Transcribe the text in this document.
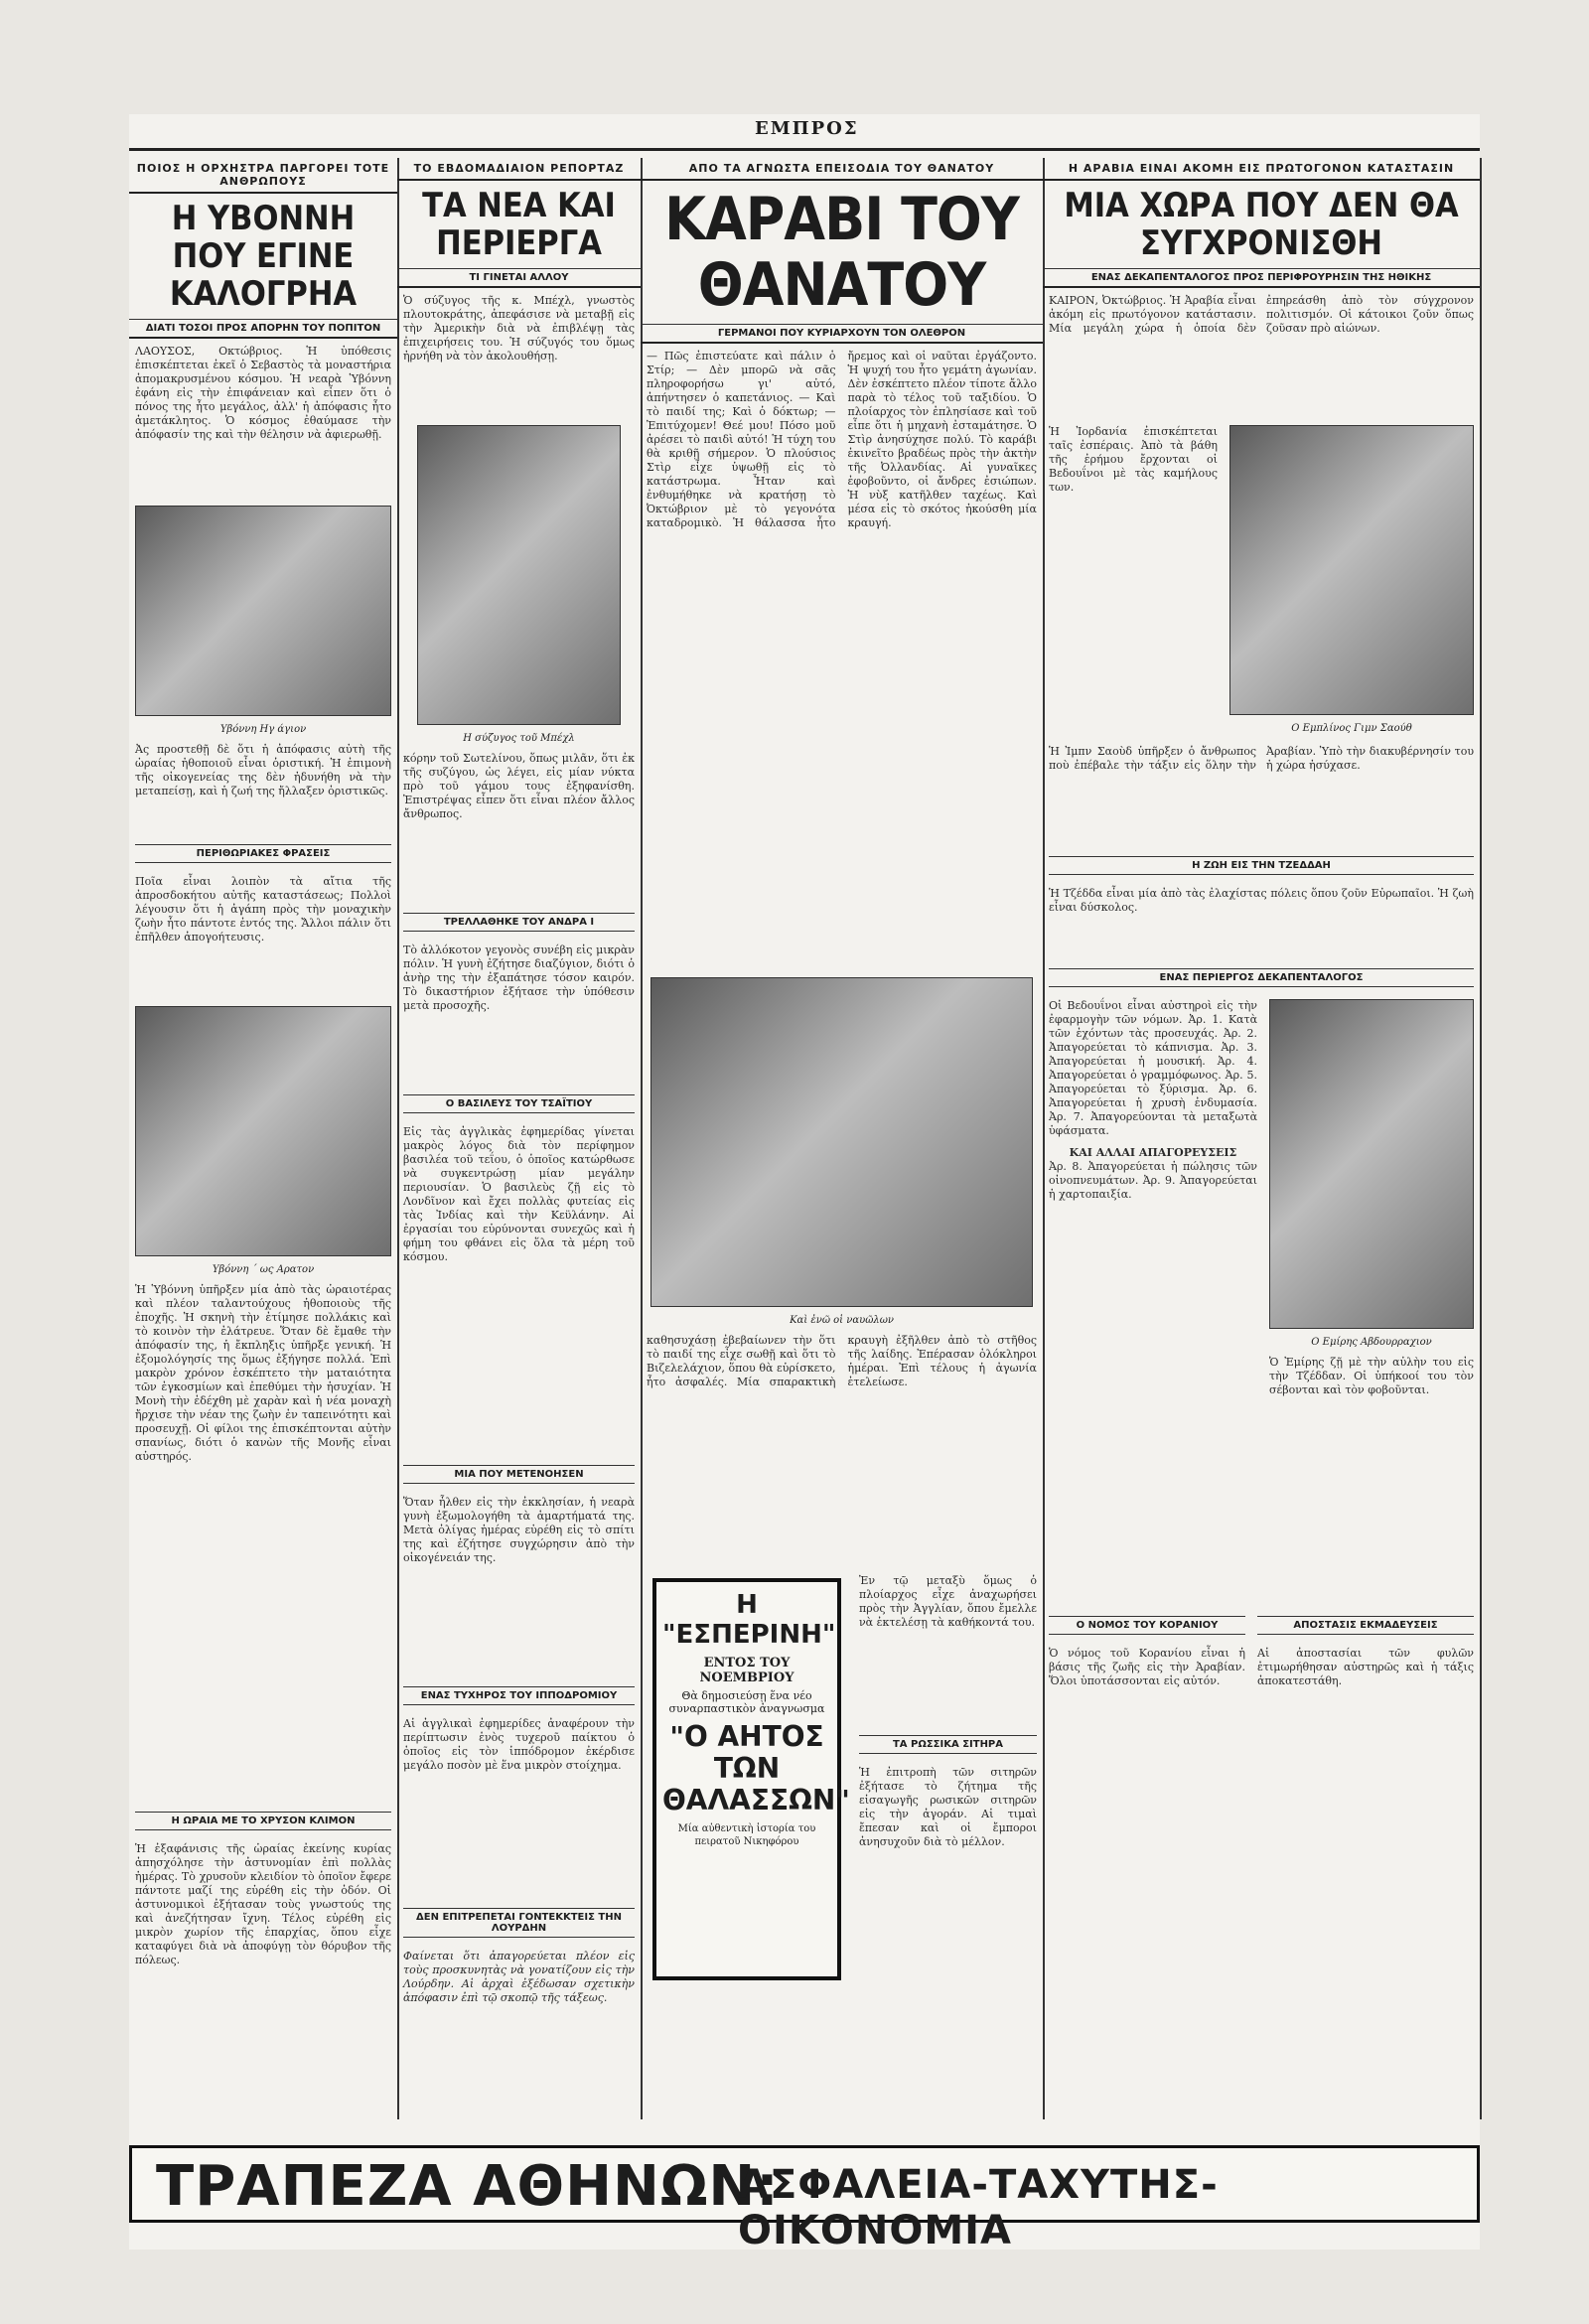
ΕΜΠΡΟΣ
ΠΟΙΟΣ Η ΟΡΧΗΣΤΡΑ ΠΑΡΓΟΡΕΙ ΤΟΤΕ ΑΝΘΡΩΠΟΥΣ
Η ΥΒΟΝΝΗ ΠΟΥ ΕΓΙΝΕ ΚΑΛΟΓΡΗΑ
ΔΙΑΤΙ ΤΟΣΟΙ ΠΡΟΣ ΑΠΟΡΗΝ ΤΟΥ ΠΟΠΙΤΟΝ
ΛΑΟΥΣΟΣ, Οκτώβριος. Ἡ ὑπόθεσις ἐπισκέπτεται ἐκεῖ ὁ Σεβαστὸς τὰ μοναστήρια ἀπομακρυσμένου κόσμου. Ἡ νεαρὰ Ὑβόννη ἐφάνη εἰς τὴν ἐπιφάνειαν καὶ εἶπεν ὅτι ὁ πόνος της ἦτο μεγάλος, ἀλλ' ἡ ἀπόφασις ἦτο ἀμετάκλητος. Ὁ κόσμος ἐθαύμασε τὴν ἀπόφασίν της καὶ τὴν θέλησιν νὰ ἀφιερωθῇ.
Υβόννη Ηγ άγιον
Ἀς προστεθῇ δὲ ὅτι ἡ ἀπόφασις αὐτὴ τῆς ὡραίας ἠθοποιοῦ εἶναι ὁριστική. Ἡ ἐπιμονὴ τῆς οἰκογενείας της δὲν ἠδυνήθη νὰ τὴν μεταπείσῃ, καὶ ἡ ζωή της ἤλλαξεν ὁριστικῶς.
ΠΕΡΙΘΩΡΙΑΚΕΣ ΦΡΑΣΕΙΣ
Ποῖα εἶναι λοιπὸν τὰ αἴτια τῆς ἀπροσδοκήτου αὐτῆς καταστάσεως; Πολλοὶ λέγουσιν ὅτι ἡ ἀγάπη πρὸς τὴν μοναχικὴν ζωὴν ἦτο πάντοτε ἐντός της. Ἄλλοι πάλιν ὅτι ἐπῆλθεν ἀπογοήτευσις.
Υβόννη ΄ ως Αρατον
Ἡ Ὑβόννη ὑπῆρξεν μία ἀπὸ τὰς ὡραιοτέρας καὶ πλέον ταλαντούχους ἠθοποιοὺς τῆς ἐποχῆς. Ἡ σκηνὴ τὴν ἐτίμησε πολλάκις καὶ τὸ κοινὸν τὴν ἐλάτρευε. Ὅταν δὲ ἔμαθε τὴν ἀπόφασίν της, ἡ ἔκπληξις ὑπῆρξε γενική. Ἡ ἐξομολόγησίς της ὅμως ἐξήγησε πολλά. Ἐπὶ μακρὸν χρόνον ἐσκέπτετο τὴν ματαιότητα τῶν ἐγκοσμίων καὶ ἐπεθύμει τὴν ἡσυχίαν. Ἡ Μονὴ τὴν ἐδέχθη μὲ χαρὰν καὶ ἡ νέα μοναχὴ ἤρχισε τὴν νέαν της ζωὴν ἐν ταπεινότητι καὶ προσευχῇ. Οἱ φίλοι της ἐπισκέπτονται αὐτὴν σπανίως, διότι ὁ κανὼν τῆς Μονῆς εἶναι αὐστηρός.
Η ΩΡΑΙΑ ΜΕ ΤΟ ΧΡΥΣΟΝ ΚΛΙΜΟΝ
Ἡ ἐξαφάνισις τῆς ὡραίας ἐκείνης κυρίας ἀπησχόλησε τὴν ἀστυνομίαν ἐπὶ πολλὰς ἡμέρας. Τὸ χρυσοῦν κλειδίον τὸ ὁποῖον ἔφερε πάντοτε μαζί της εὑρέθη εἰς τὴν ὁδόν. Οἱ ἀστυνομικοὶ ἐξήτασαν τοὺς γνωστούς της καὶ ἀνεζήτησαν ἴχνη. Τέλος εὑρέθη εἰς μικρὸν χωρίον τῆς ἐπαρχίας, ὅπου εἶχε καταφύγει διὰ νὰ ἀποφύγῃ τὸν θόρυβον τῆς πόλεως.
ΤΟ ΕΒΔΟΜΑΔΙΑΙΟΝ ΡΕΠΟΡΤΑΖ
ΤΑ ΝΕΑ ΚΑΙ ΠΕΡΙΕΡΓΑ
ΤΙ ΓΙΝΕΤΑΙ ΑΛΛΟΥ
Ὁ σύζυγος τῆς κ. Μπέχλ, γνωστὸς πλουτοκράτης, ἀπεφάσισε νὰ μεταβῇ εἰς τὴν Ἀμερικὴν διὰ νὰ ἐπιβλέψῃ τὰς ἐπιχειρήσεις του. Ἡ σύζυγός του ὅμως ἠρνήθη νὰ τὸν ἀκολουθήσῃ.
Η σύζυγος τοῦ Μπέχλ
κόρην τοῦ Σωτελίνου, ὅπως μιλᾶν, ὅτι ἐκ τῆς συζύγου, ὡς λέγει, εἰς μίαν νύκτα πρὸ τοῦ γάμου τους ἐξηφανίσθη. Ἐπιστρέψας εἶπεν ὅτι εἶναι πλέον ἄλλος ἄνθρωπος.
ΤΡΕΛΛΑΘΗΚΕ ΤΟΥ ΑΝΔΡΑ Ι
Τὸ ἀλλόκοτον γεγονὸς συνέβη εἰς μικρὰν πόλιν. Ἡ γυνὴ ἐζήτησε διαζύγιον, διότι ὁ ἀνὴρ της τὴν ἐξαπάτησε τόσον καιρόν. Τὸ δικαστήριον ἐξήτασε τὴν ὑπόθεσιν μετὰ προσοχῆς.
Ο ΒΑΣΙΛΕΥΣ ΤΟΥ ΤΣΑΪΤΙΟΥ
Εἰς τὰς ἀγγλικὰς ἐφημερίδας γίνεται μακρὸς λόγος διὰ τὸν περίφημον βασιλέα τοῦ τεΐου, ὁ ὁποῖος κατώρθωσε νὰ συγκεντρώσῃ μίαν μεγάλην περιουσίαν. Ὁ βασιλεὺς ζῇ εἰς τὸ Λονδῖνον καὶ ἔχει πολλὰς φυτείας εἰς τὰς Ἰνδίας καὶ τὴν Κεϋλάνην. Αἱ ἐργασίαι του εὐρύνονται συνεχῶς καὶ ἡ φήμη του φθάνει εἰς ὅλα τὰ μέρη τοῦ κόσμου.
ΜΙΑ ΠΟΥ ΜΕΤΕΝΟΗΣΕΝ
Ὅταν ἦλθεν εἰς τὴν ἐκκλησίαν, ἡ νεαρὰ γυνὴ ἐξωμολογήθη τὰ ἁμαρτήματά της. Μετὰ ὀλίγας ἡμέρας εὑρέθη εἰς τὸ σπίτι της καὶ ἐζήτησε συγχώρησιν ἀπὸ τὴν οἰκογένειάν της.
ΕΝΑΣ ΤΥΧΗΡΟΣ ΤΟΥ ΙΠΠΟΔΡΟΜΙΟΥ
Αἱ ἀγγλικαὶ ἐφημερίδες ἀναφέρουν τὴν περίπτωσιν ἑνὸς τυχεροῦ παίκτου ὁ ὁποῖος εἰς τὸν ἱππόδρομον ἐκέρδισε μεγάλο ποσὸν μὲ ἕνα μικρὸν στοίχημα.
ΔΕΝ ΕΠΙΤΡΕΠΕΤΑΙ ΓΟΝΤΕΚΚΤΕΙΣ ΤΗΝ ΛΟΥΡΔΗΝ
Φαίνεται ὅτι ἀπαγορεύεται πλέον εἰς τοὺς προσκυνητὰς νὰ γονατίζουν εἰς τὴν Λούρδην. Αἱ ἀρχαὶ ἐξέδωσαν σχετικὴν ἀπόφασιν ἐπὶ τῷ σκοπῷ τῆς τάξεως.
ΑΠΟ ΤΑ ΑΓΝΩΣΤΑ ΕΠΕΙΣΟΔΙΑ ΤΟΥ ΘΑΝΑΤΟΥ
ΚΑΡΑΒΙ ΤΟΥ ΘΑΝΑΤΟΥ
ΓΕΡΜΑΝΟΙ ΠΟΥ ΚΥΡΙΑΡΧΟΥΝ ΤΟΝ ΟΛΕΘΡΟΝ
— Πῶς ἐπιστεύατε καὶ πάλιν ὁ Στίρ; — Δὲν μπορῶ νὰ σᾶς πληροφορήσω γι' αὐτό, ἀπήντησεν ὁ καπετάνιος. — Καὶ τὸ παιδί της; Καὶ ὁ δόκτωρ; — Ἐπιτύχομεν! Θεέ μου! Πόσο μοῦ ἀρέσει τὸ παιδὶ αὐτό! Ἡ τύχη του θὰ κριθῇ σήμερον. Ὁ πλούσιος Στὶρ εἶχε ὑψωθῇ εἰς τὸ κατάστρωμα. Ἦταν καὶ ἐνθυμήθηκε νὰ κρατήσῃ τὸ Ὀκτώβριον μὲ τὸ γεγονότα καταδρομικὸ. Ἡ θάλασσα ἦτο ἤρεμος καὶ οἱ ναῦται ἐργάζοντο. Ἡ ψυχή του ἦτο γεμάτη ἀγωνίαν. Δὲν ἐσκέπτετο πλέον τίποτε ἄλλο παρὰ τὸ τέλος τοῦ ταξιδίου. Ὁ πλοίαρχος τὸν ἐπλησίασε καὶ τοῦ εἶπε ὅτι ἡ μηχανὴ ἐσταμάτησε. Ὁ Στὶρ ἀνησύχησε πολύ. Τὸ καράβι ἐκινεῖτο βραδέως πρὸς τὴν ἀκτὴν τῆς Ὀλλανδίας. Αἱ γυναῖκες ἐφοβοῦντο, οἱ ἄνδρες ἐσιώπων. Ἡ νὺξ κατῆλθεν ταχέως. Καὶ μέσα εἰς τὸ σκότος ἠκούσθη μία κραυγή.
Καὶ ἐνῶ οἱ ναυῶλων
καθησυχάσῃ ἐβεβαίωνεν τὴν ὅτι τὸ παιδί της εἶχε σωθῇ καὶ ὅτι τὸ Βιζελελάχιον, ὅπου θὰ εὑρίσκετο, ἦτο ἀσφαλές. Μία σπαρακτικὴ κραυγὴ ἐξῆλθεν ἀπὸ τὸ στῆθος τῆς λαίδης. Ἐπέρασαν ὁλόκληροι ἡμέραι. Ἐπὶ τέλους ἡ ἀγωνία ἐτελείωσε.
Η "ΕΣΠΕΡΙΝΗ"
ΕΝΤΟΣ ΤΟΥ ΝΟΕΜΒΡΙΟΥ
Θὰ δημοσιεύσῃ ἕνα νέο συναρπαστικὸν ἀναγνωσμα
"Ο ΑΗΤΟΣ ΤΩΝ ΘΑΛΑΣΣΩΝ"
Μία αὐθεντικὴ ἱστορία του πειρατοῦ Νικηφόρου
Ἐν τῷ μεταξὺ ὅμως ὁ πλοίαρχος εἶχε ἀναχωρήσει πρὸς τὴν Ἀγγλίαν, ὅπου ἔμελλε νὰ ἐκτελέσῃ τὰ καθήκοντά του.
ΤΑ ΡΩΣΣΙΚΑ ΣΙΤΗΡΑ
Ἡ ἐπιτροπὴ τῶν σιτηρῶν ἐξήτασε τὸ ζήτημα τῆς εἰσαγωγῆς ρωσικῶν σιτηρῶν εἰς τὴν ἀγοράν. Αἱ τιμαὶ ἔπεσαν καὶ οἱ ἔμποροι ἀνησυχοῦν διὰ τὸ μέλλον.
Η ΑΡΑΒΙΑ ΕΙΝΑΙ ΑΚΟΜΗ ΕΙΣ ΠΡΩΤΟΓΟΝΟΝ ΚΑΤΑΣΤΑΣΙΝ
ΜΙΑ ΧΩΡΑ ΠΟΥ ΔΕΝ ΘΑ ΣΥΓΧΡΟΝΙΣΘΗ
ΕΝΑΣ ΔΕΚΑΠΕΝΤΑΛΟΓΟΣ ΠΡΟΣ ΠΕΡΙΦΡΟΥΡΗΣΙΝ ΤΗΣ ΗΘΙΚΗΣ
ΚΑΙΡΟΝ, Ὀκτώβριος. Ἡ Ἀραβία εἶναι ἀκόμη εἰς πρωτόγονον κατάστασιν. Μία μεγάλη χώρα ἡ ὁποία δὲν ἐπηρεάσθη ἀπὸ τὸν σύγχρονον πολιτισμόν. Οἱ κάτοικοι ζοῦν ὅπως ζοῦσαν πρὸ αἰώνων.
Ἡ Ἰορδανία ἐπισκέπτεται ταῖς ἐσπέραις. Ἀπὸ τὰ βάθη τῆς ἐρήμου ἔρχονται οἱ Βεδουΐνοι μὲ τὰς καμήλους των.
Ο Εμπλίνος Γιμν Σαούθ
Ἡ Ἰμπν Σαοὺδ ὑπῆρξεν ὁ ἄνθρωπος ποὺ ἐπέβαλε τὴν τάξιν εἰς ὅλην τὴν Ἀραβίαν. Ὑπὸ τὴν διακυβέρνησίν του ἡ χώρα ἡσύχασε.
Η ΖΩΗ ΕΙΣ ΤΗΝ ΤΖΕΔΔΑΗ
Ἡ Τζέδδα εἶναι μία ἀπὸ τὰς ἐλαχίστας πόλεις ὅπου ζοῦν Εὐρωπαῖοι. Ἡ ζωὴ εἶναι δύσκολος.
ΕΝΑΣ ΠΕΡΙΕΡΓΟΣ ΔΕΚΑΠΕΝΤΑΛΟΓΟΣ
Οἱ Βεδουΐνοι εἶναι αὐστηροὶ εἰς τὴν ἐφαρμογὴν τῶν νόμων. Ἀρ. 1. Κατὰ τῶν ἐχόντων τὰς προσευχάς. Ἀρ. 2. Ἀπαγορεύεται τὸ κάπνισμα. Ἀρ. 3. Ἀπαγορεύεται ἡ μουσική. Ἀρ. 4. Ἀπαγορεύεται ὁ γραμμόφωνος. Ἀρ. 5. Ἀπαγορεύεται τὸ ξύρισμα. Ἀρ. 6. Ἀπαγορεύεται ἡ χρυσὴ ἐνδυμασία. Ἀρ. 7. Ἀπαγορεύονται τὰ μεταξωτὰ ὑφάσματα.
ΚΑΙ ΑΛΛΑΙ ΑΠΑΓΟΡΕΥΣΕΙΣ
Ἀρ. 8. Ἀπαγορεύεται ἡ πώλησις τῶν οἰνοπνευμάτων. Ἀρ. 9. Ἀπαγορεύεται ἡ χαρτοπαιξία.
Ο Εμίρης Αβδουρραχιον
Ὁ Ἐμίρης ζῇ μὲ τὴν αὐλὴν του εἰς τὴν Τζέδδαν. Οἱ ὑπήκοοί του τὸν σέβονται καὶ τὸν φοβοῦνται.
Ο ΝΟΜΟΣ ΤΟΥ ΚΟΡΑΝΙΟΥ
Ὁ νόμος τοῦ Κορανίου εἶναι ἡ βάσις τῆς ζωῆς εἰς τὴν Ἀραβίαν. Ὅλοι ὑποτάσσονται εἰς αὐτόν.
ΑΠΟΣΤΑΣΙΣ ΕΚΜΑΔΕΥΣΕΙΣ
Αἱ ἀποστασίαι τῶν φυλῶν ἐτιμωρήθησαν αὐστηρῶς καὶ ἡ τάξις ἀποκατεστάθη.
ΤΡΑΠΕΖΑ ΑΘΗΝΩΝ:
ΑΣΦΑΛΕΙΑ-ΤΑΧΥΤΗΣ-ΟΙΚΟΝΟΜΙΑ
